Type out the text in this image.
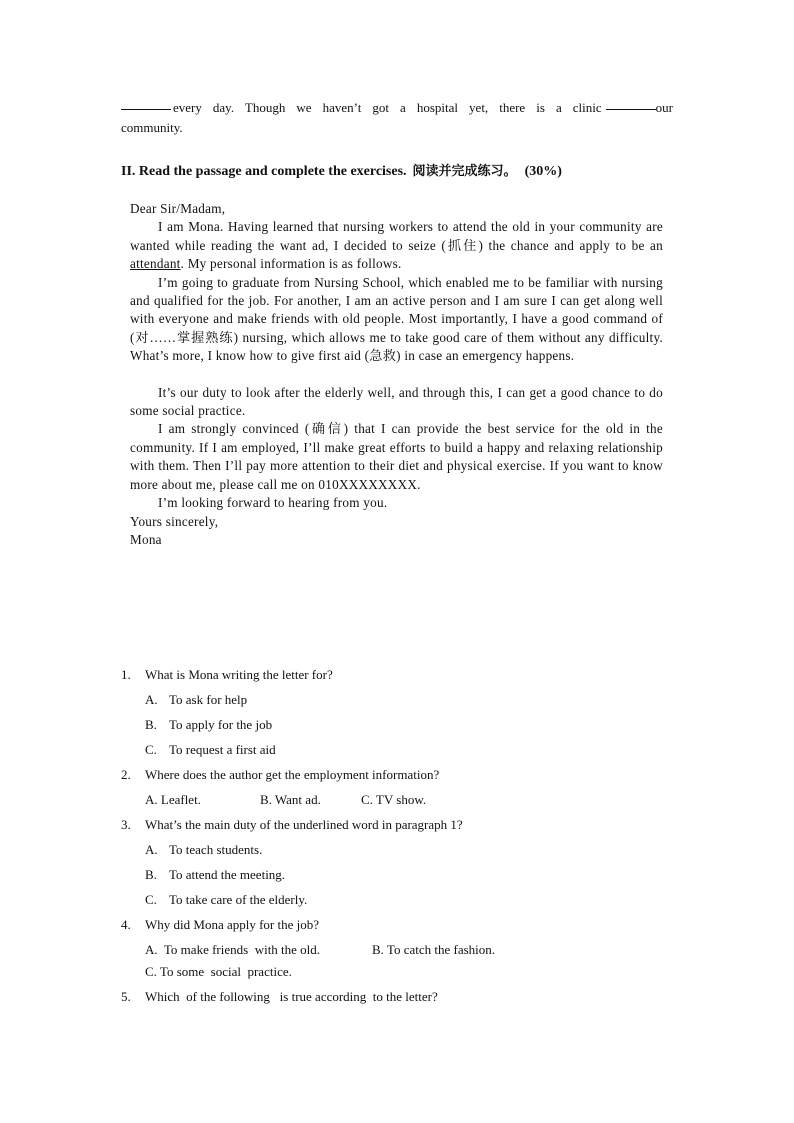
every day. Though we haven’t got a hospital yet, there is a clinic	our
community.
II. Read the passage and complete the exercises. 阅读并完成练习。 (30%)

Dear Sir/Madam,

I am Mona. Having learned that nursing workers to attend the old in your community are wanted while reading the want ad, I decided to seize (抓住) the chance and apply to be an attendant. My personal information is as follows.

I’m going to graduate from Nursing School, which enabled me to be familiar with nursing and qualified for the job. For another, I am an active person and I am sure I can get along well with everyone and make friends with old people. Most importantly, I have a good command of (对……掌握熟练) nursing, which allows me to take good care of them without any difficulty. What’s more, I know how to give first aid (急救) in case an emergency happens.

It’s our duty to look after the elderly well, and through this, I can get a good chance to do some social practice.

I am strongly convinced (确信) that I can provide the best service for the old in the community. If I am employed, I’ll make great efforts to build a happy and relaxing relationship with them. Then I’ll pay more attention to their diet and physical exercise. If you want to know more about me, please call me on 010XXXXXXXX.

I’m looking forward to hearing from you.

Yours sincerely,

Mona

1.	What is Mona writing the letter for?
A. To ask for help
B. To apply for the job
C. To request a first aid
2.	Where does the author get the employment information?
A. Leaflet.	B. Want ad.	C. TV show.
3.	What’s the main duty of the underlined word in paragraph 1?
A. To teach students.
B. To attend the meeting.
C. To take care of the elderly.
4.	Why did Mona apply for the job?
A.  To make friends  with the old.	B. To catch the fashion.
C. To some  social  practice.
5.	Which  of the following   is true according  to the letter?
